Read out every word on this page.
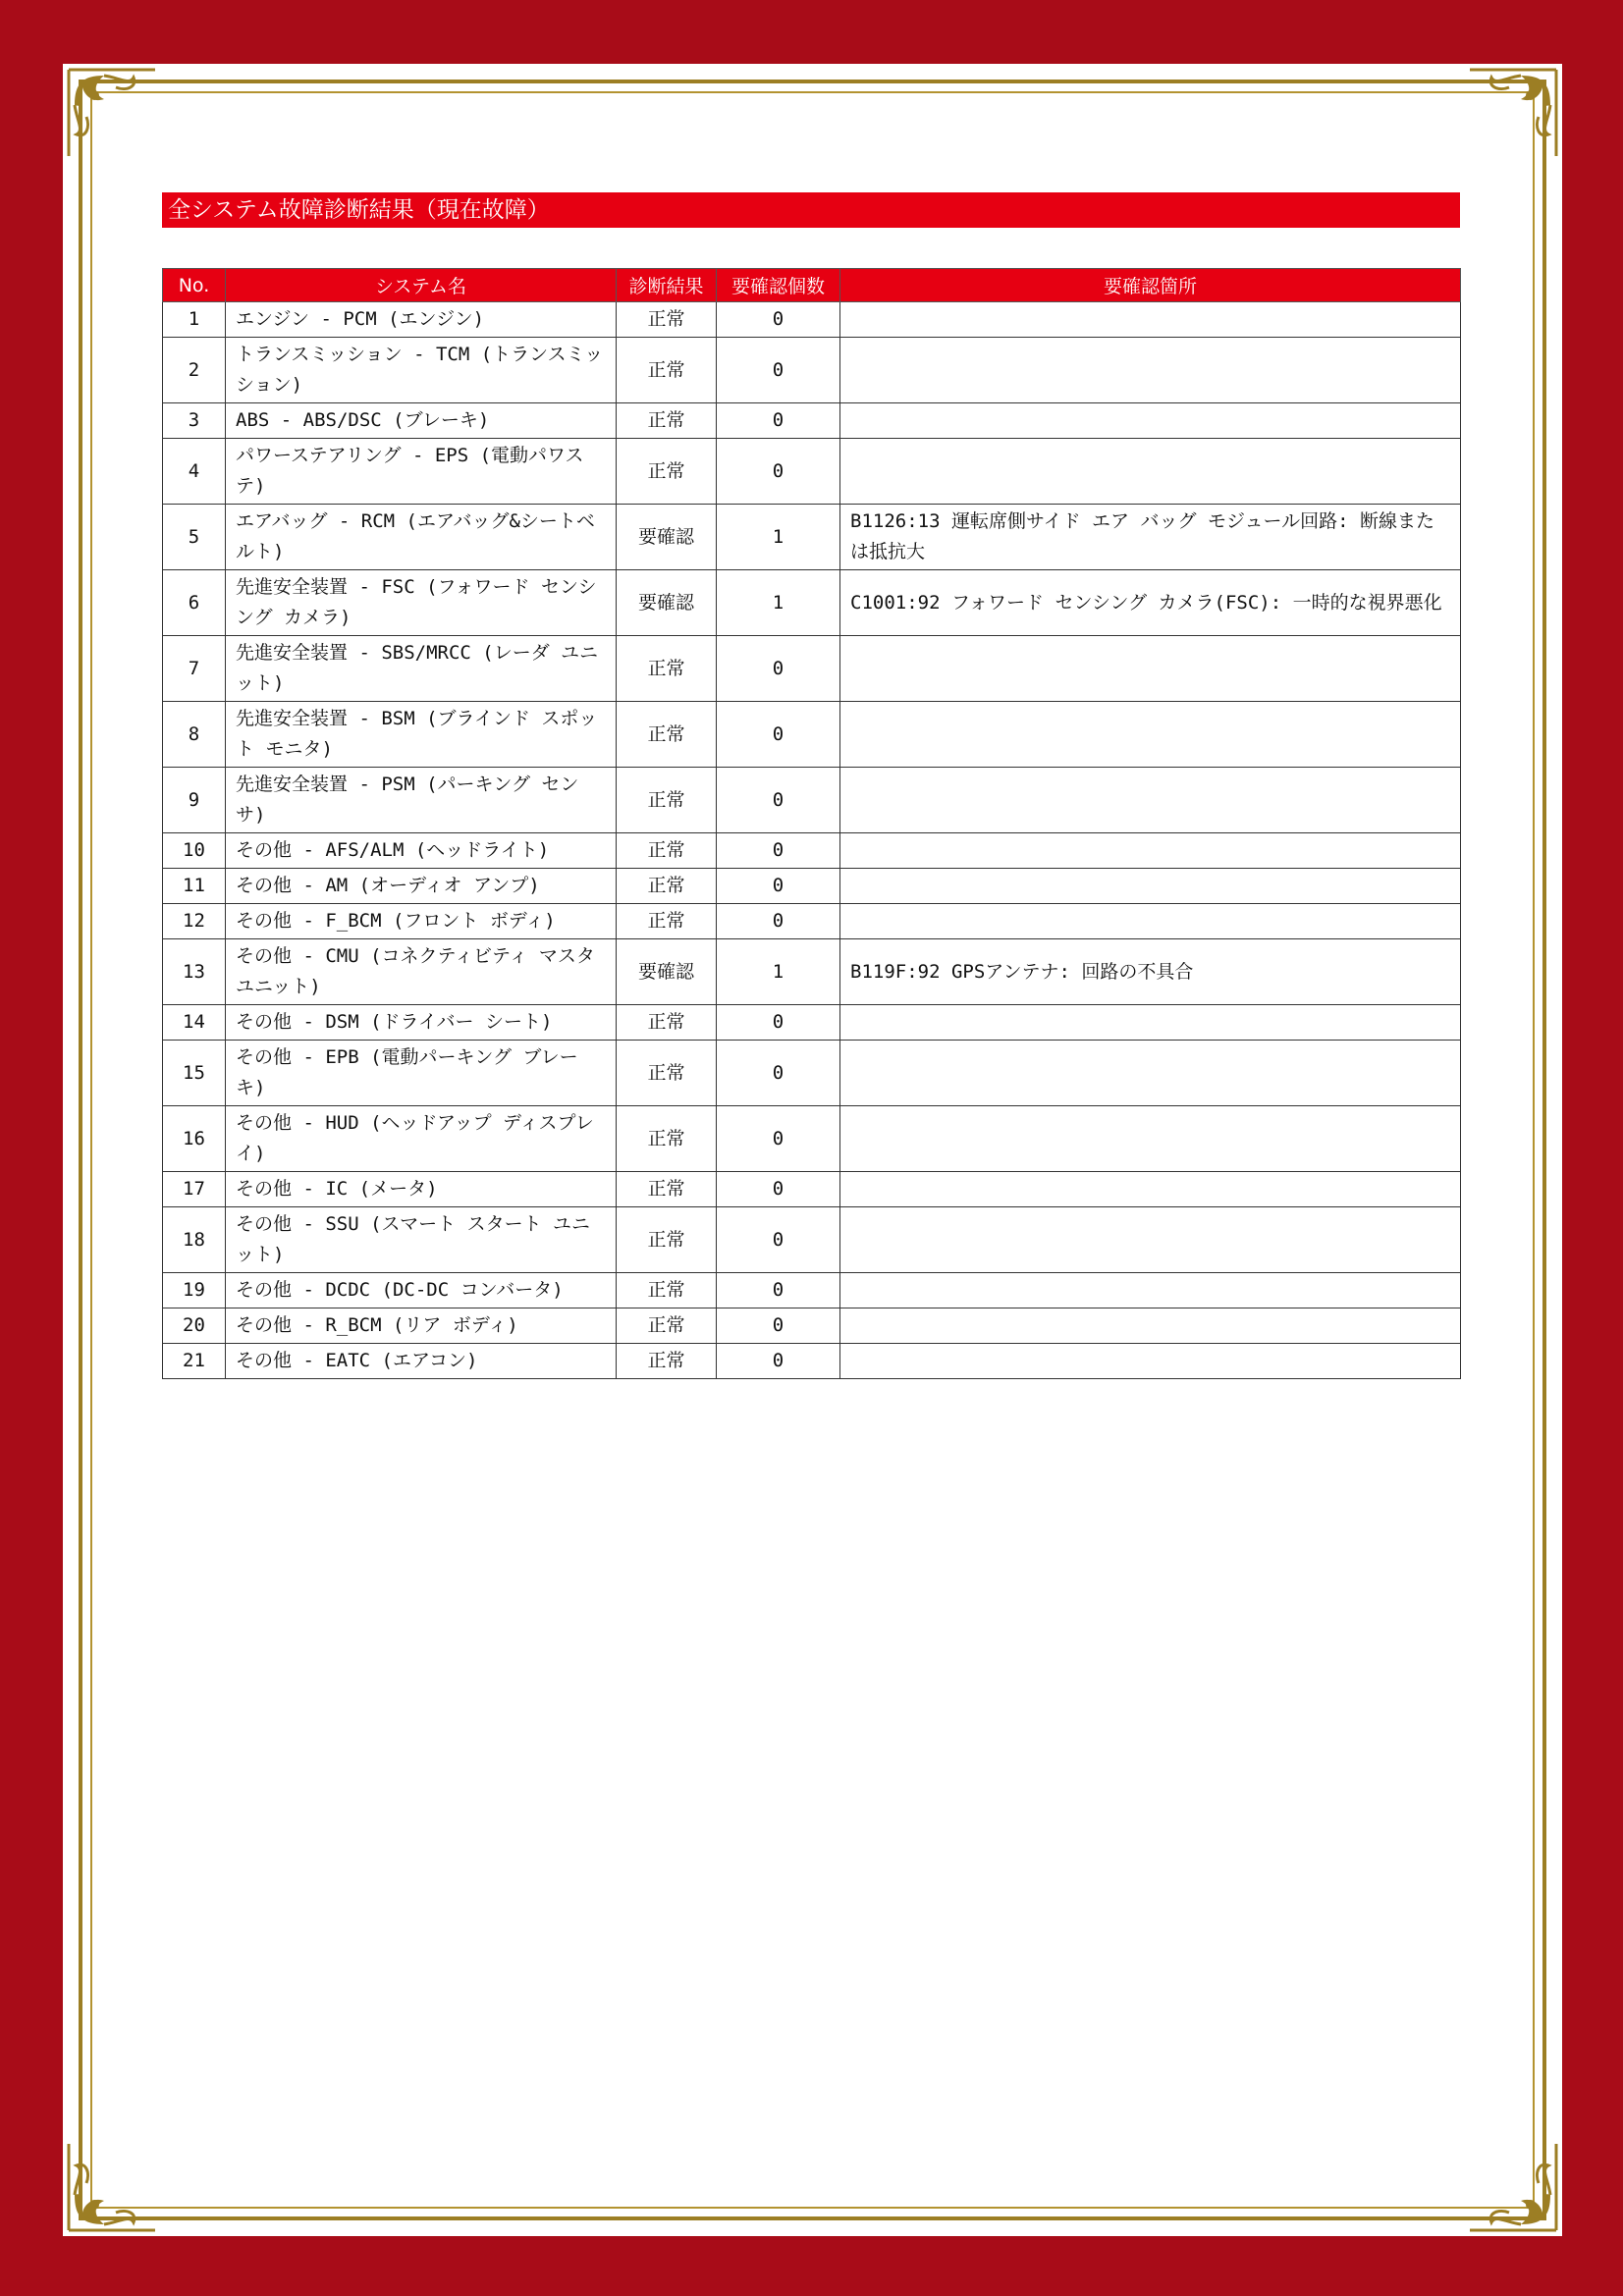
全システム故障診断結果（現在故障）
No.	システム名	診断結果	要確認個数	要確認箇所
1	エンジン - PCM (エンジン)	正常	0	
2	トランスミッション - TCM (トランスミッション)	正常	0	
3	ABS - ABS/DSC (ブレーキ)	正常	0	
4	パワーステアリング - EPS (電動パワステ)	正常	0	
5	エアバッグ - RCM (エアバッグ&シートベルト)	要確認	1	B1126:13 運転席側サイド エア バッグ モジュール回路: 断線または抵抗大
6	先進安全装置 - FSC (フォワード センシング カメラ)	要確認	1	C1001:92 フォワード センシング カメラ(FSC): 一時的な視界悪化
7	先進安全装置 - SBS/MRCC (レーダ ユニット)	正常	0	
8	先進安全装置 - BSM (ブラインド スポット モニタ)	正常	0	
9	先進安全装置 - PSM (パーキング センサ)	正常	0	
10	その他 - AFS/ALM (ヘッドライト)	正常	0	
11	その他 - AM (オーディオ アンプ)	正常	0	
12	その他 - F_BCM (フロント ボディ)	正常	0	
13	その他 - CMU (コネクティビティ マスタ ユニット)	要確認	1	B119F:92 GPSアンテナ: 回路の不具合
14	その他 - DSM (ドライバー シート)	正常	0	
15	その他 - EPB (電動パーキング ブレーキ)	正常	0	
16	その他 - HUD (ヘッドアップ ディスプレイ)	正常	0	
17	その他 - IC (メータ)	正常	0	
18	その他 - SSU (スマート スタート ユニット)	正常	0	
19	その他 - DCDC (DC-DC コンバータ)	正常	0	
20	その他 - R_BCM (リア ボディ)	正常	0	
21	その他 - EATC (エアコン)	正常	0	
